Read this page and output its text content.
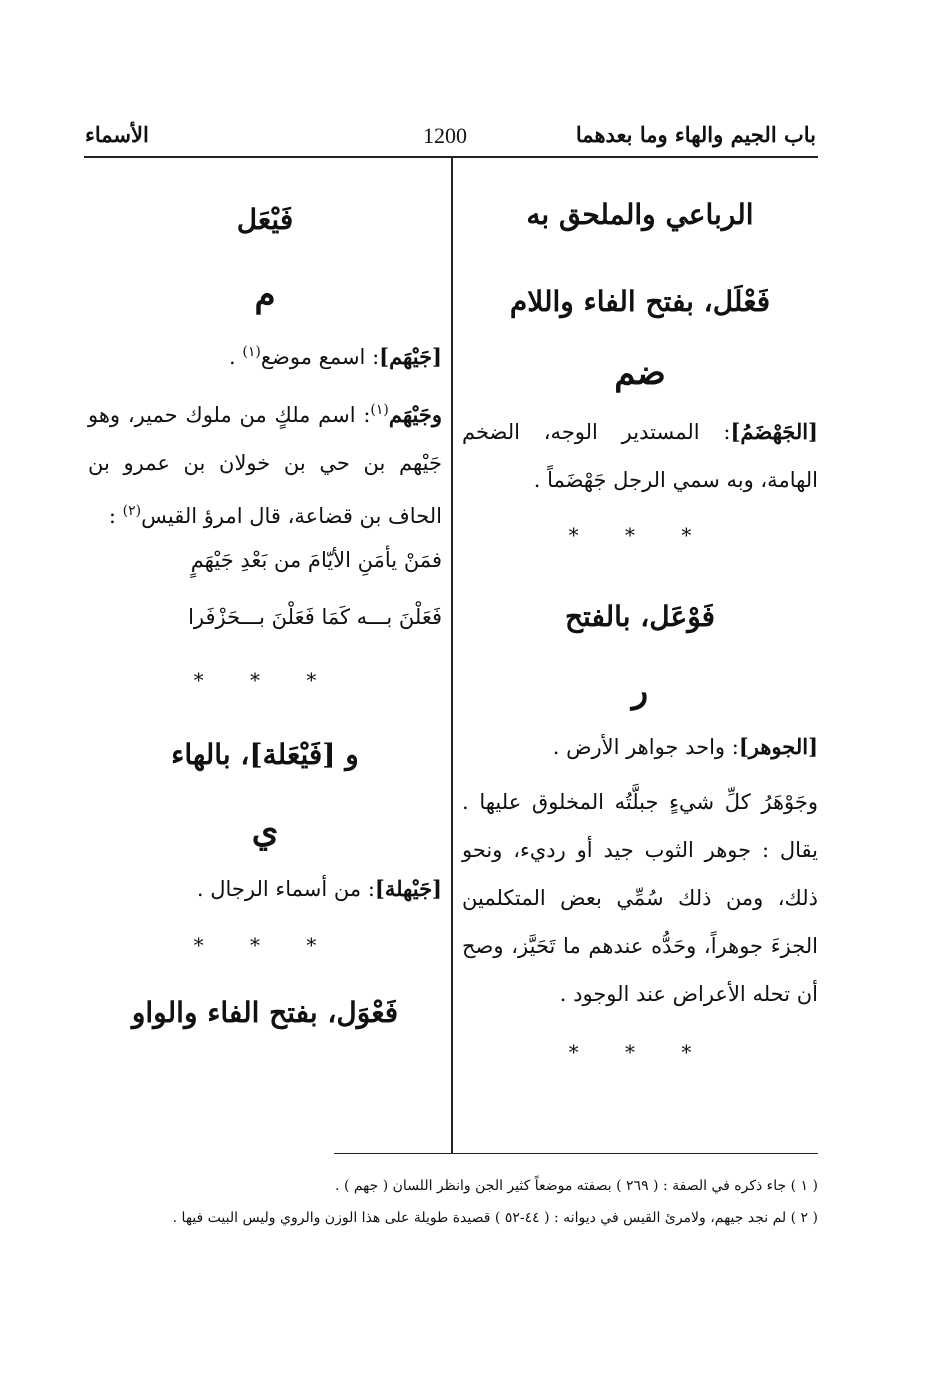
باب الجيم والهاء وما بعدهما
1200
الأسماء
الرباعي والملحق به
فَعْلَل، بفتح الفاء واللام
ضم
[الجَهْضَمُ]: المستدير الوجه، الضخم الهامة، وبه سمي الرجل جَهْضَماً .
* * *
فَوْعَل، بالفتح
ر
[الجوهر]: واحد جواهر الأرض .
وجَوْهَرُ كلِّ شيءٍ جبلَّتُه المخلوق عليها . يقال : جوهر الثوب جيد أو رديء، ونحو ذلك، ومن ذلك سُمِّي بعض المتكلمين الجزءَ جوهراً، وحَدُّه عندهم ما تَحَيَّز، وصح أن تحله الأعراض عند الوجود .
* * *
فَيْعَل
م
[جَيْهَم]: اسمع موضع$^{(١)}$ .
وجَيْهَم$^{(١)}$: اسم ملكٍ من ملوك حمير، وهو جَيْهم بن حي بن خولان بن عمرو بن الحاف بن قضاعة، قال امرؤ القيس$^{(٢)}$ :
فمَنْ يأمَنِ الأيّامَ من بَعْدِ جَيْهَمٍ
فَعَلْنَ بـــه كَمَا فَعَلْنَ بـــحَزْفَرا
* * *
و [فَيْعَلة]، بالهاء
ي
[جَيْهلة]: من أسماء الرجال .
* * *
فَعْوَل، بفتح الفاء والواو
( ١ ) جاء ذكره في الصفة : ( ٢٦٩ ) بصفته موضعاً كثير الجن وانظر اللسان ( جهم ) .
( ٢ ) لم نجد جيهم، ولامرئ القيس في ديوانه : ( ٤٤-٥٢ ) قصيدة طويلة على هذا الوزن والروي وليس البيت فيها .
